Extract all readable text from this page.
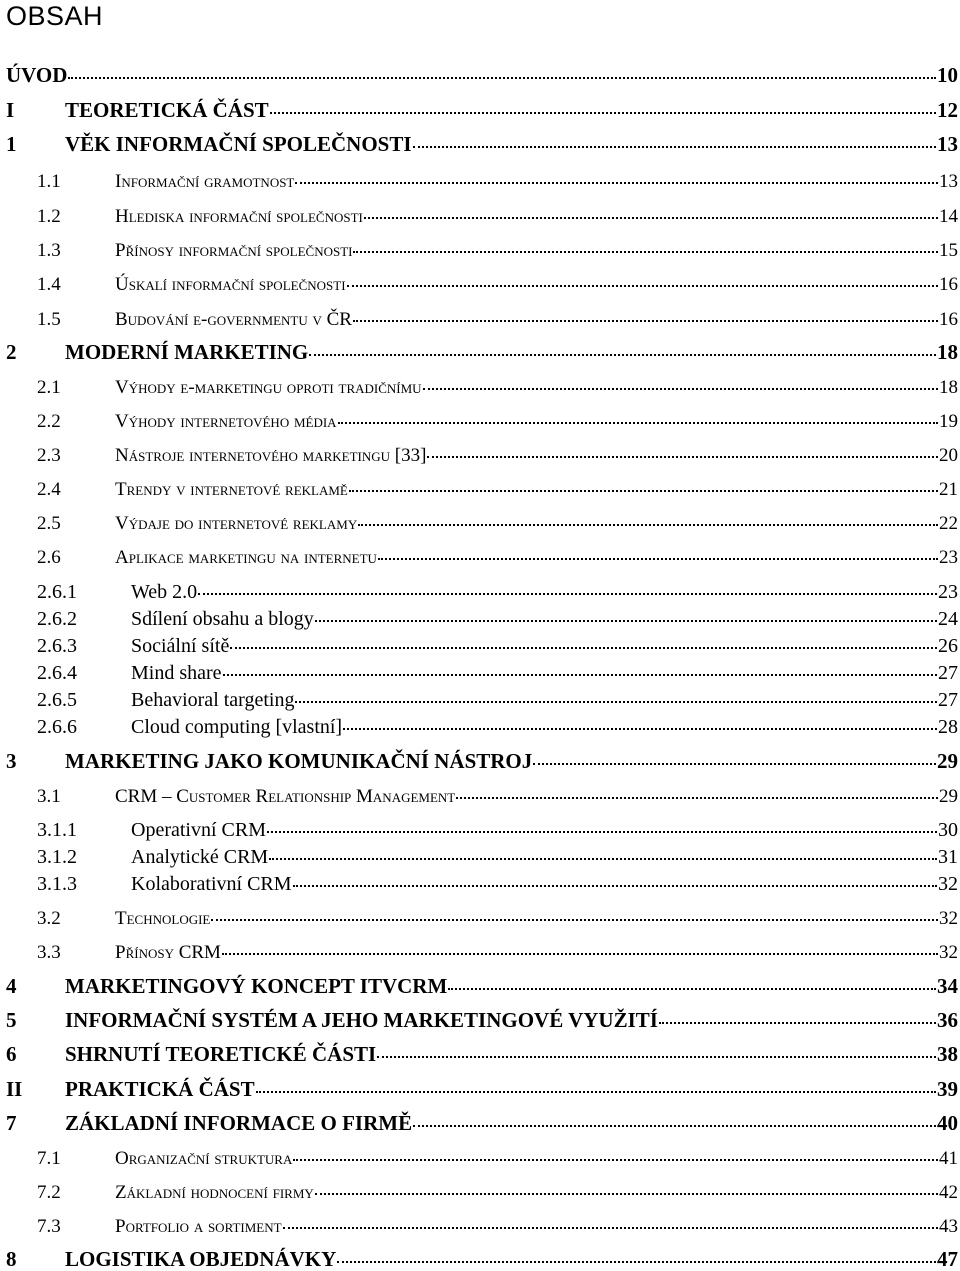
OBSAH
ÚVOD	10
I	TEORETICKÁ ČÁST	12
1	VĚK INFORMAČNÍ SPOLEČNOSTI	13
1.1	Informační gramotnost	13
1.2	Hlediska informační společnosti	14
1.3	Přínosy informační společnosti	15
1.4	Úskalí informační společnosti	16
1.5	Budování e-governmentu v ČR	16
2	MODERNÍ MARKETING	18
2.1	Výhody e-marketingu oproti tradičnímu	18
2.2	Výhody internetového média	19
2.3	Nástroje internetového marketingu [33]	20
2.4	Trendy v internetové reklamě	21
2.5	Výdaje do internetové reklamy	22
2.6	Aplikace marketingu na internetu	23
2.6.1	Web 2.0	23
2.6.2	Sdílení obsahu a blogy	24
2.6.3	Sociální sítě	26
2.6.4	Mind share	27
2.6.5	Behavioral targeting	27
2.6.6	Cloud computing [vlastní]	28
3	MARKETING JAKO KOMUNIKAČNÍ NÁSTROJ	29
3.1	CRM – Customer Relationship Management	29
3.1.1	Operativní CRM	30
3.1.2	Analytické CRM	31
3.1.3	Kolaborativní CRM	32
3.2	Technologie	32
3.3	Přínosy CRM	32
4	MARKETINGOVÝ KONCEPT ITVCRM	34
5	INFORMAČNÍ SYSTÉM A JEHO MARKETINGOVÉ VYUŽITÍ	36
6	SHRNUTÍ TEORETICKÉ ČÁSTI	38
II	PRAKTICKÁ ČÁST	39
7	ZÁKLADNÍ INFORMACE O FIRMĚ	40
7.1	Organizační struktura	41
7.2	Základní hodnocení firmy	42
7.3	Portfolio a sortiment	43
8	LOGISTIKA OBJEDNÁVKY	47
